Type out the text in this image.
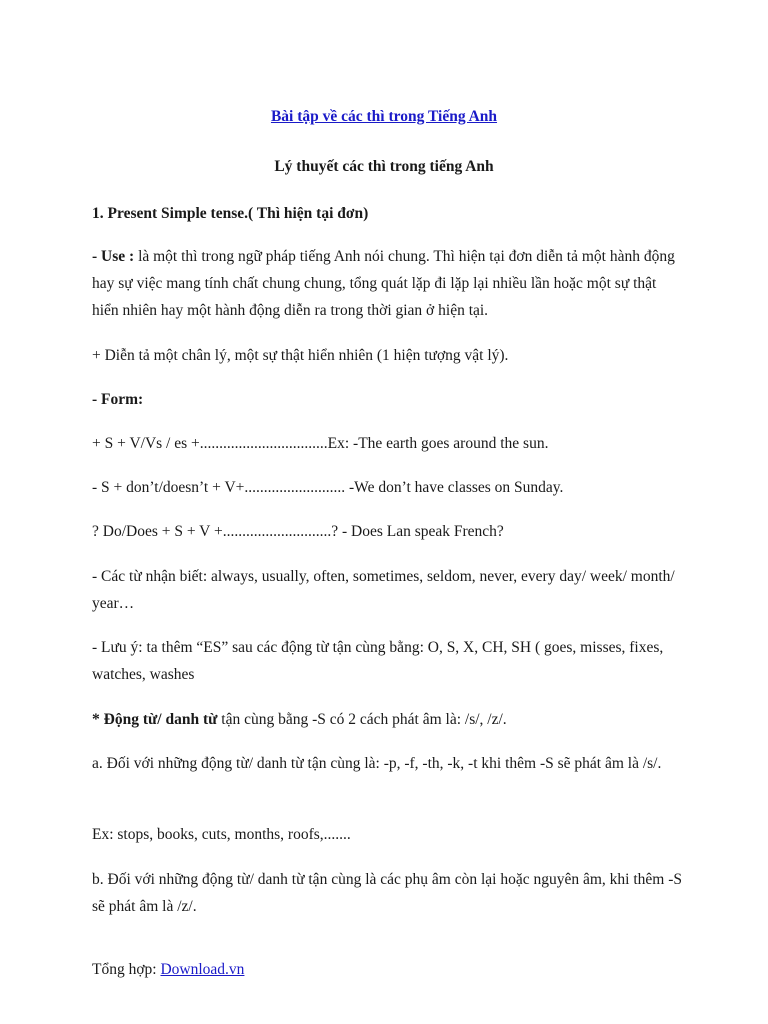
Bài tập về các thì trong Tiếng Anh
Lý thuyết các thì trong tiếng Anh

1. Present Simple tense.( Thì hiện tại đơn)

- Use : là một thì trong ngữ pháp tiếng Anh nói chung. Thì hiện tại đơn diễn tả một hành động hay sự việc mang tính chất chung chung, tổng quát lặp đi lặp lại nhiều lần hoặc một sự thật hiển nhiên hay một hành động diễn ra trong thời gian ở hiện tại.

+ Diễn tả một chân lý, một sự thật hiển nhiên (1 hiện tượng vật lý).

- Form:

+ S + V/Vs / es +.................................Ex: -The earth goes around the sun.

- S + don’t/doesn’t + V+.......................... -We don’t have classes on Sunday.

? Do/Does + S + V +............................? - Does Lan speak French?

- Các từ nhận biết: always, usually, often, sometimes, seldom, never, every day/ week/ month/ year…

- Lưu ý: ta thêm “ES” sau các động từ tận cùng bằng: O, S, X, CH, SH ( goes, misses, fixes, watches, washes

* Động từ/ danh từ tận cùng bằng -S có 2 cách phát âm là: /s/, /z/.

a. Đối với những động từ/ danh từ tận cùng là: -p, -f, -th, -k, -t khi thêm -S sẽ phát âm là /s/.

Ex: stops, books, cuts, months, roofs,.......

b. Đối với những động từ/ danh từ tận cùng là các phụ âm còn lại hoặc nguyên âm, khi thêm -S sẽ phát âm là /z/.

Tổng hợp: Download.vn
